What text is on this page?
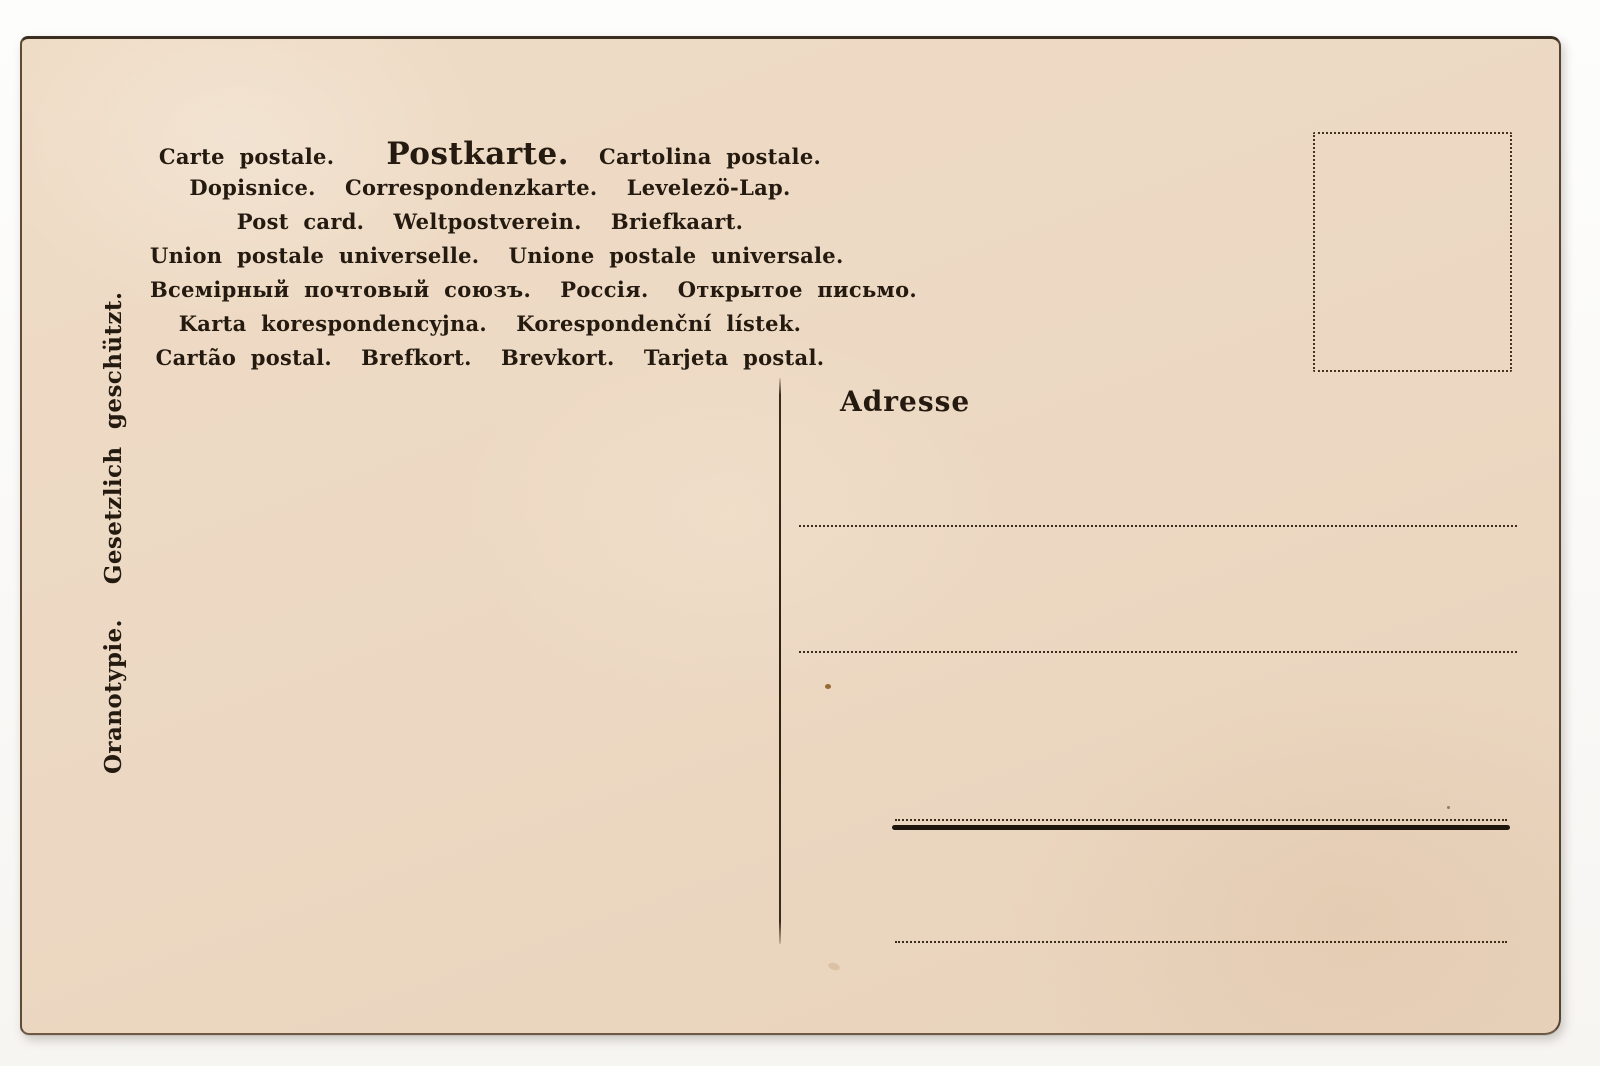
Carte postale. Postkarte. Cartolina postale.
Dopisnice.  Correspondenzkarte.  Levelezö-Lap.
Post card.  Weltpostverein.  Briefkaart.
Union postale universelle.  Unione postale universale.
Всемірный почтовый союзъ.  Россія.  Открытое письмо.
Karta korespondencyjna.  Korespondenční lístek.
Cartão postal.  Brefkort.  Brevkort.  Tarjeta postal.
Oranotypie.  Gesetzlich geschützt.	Adresse
